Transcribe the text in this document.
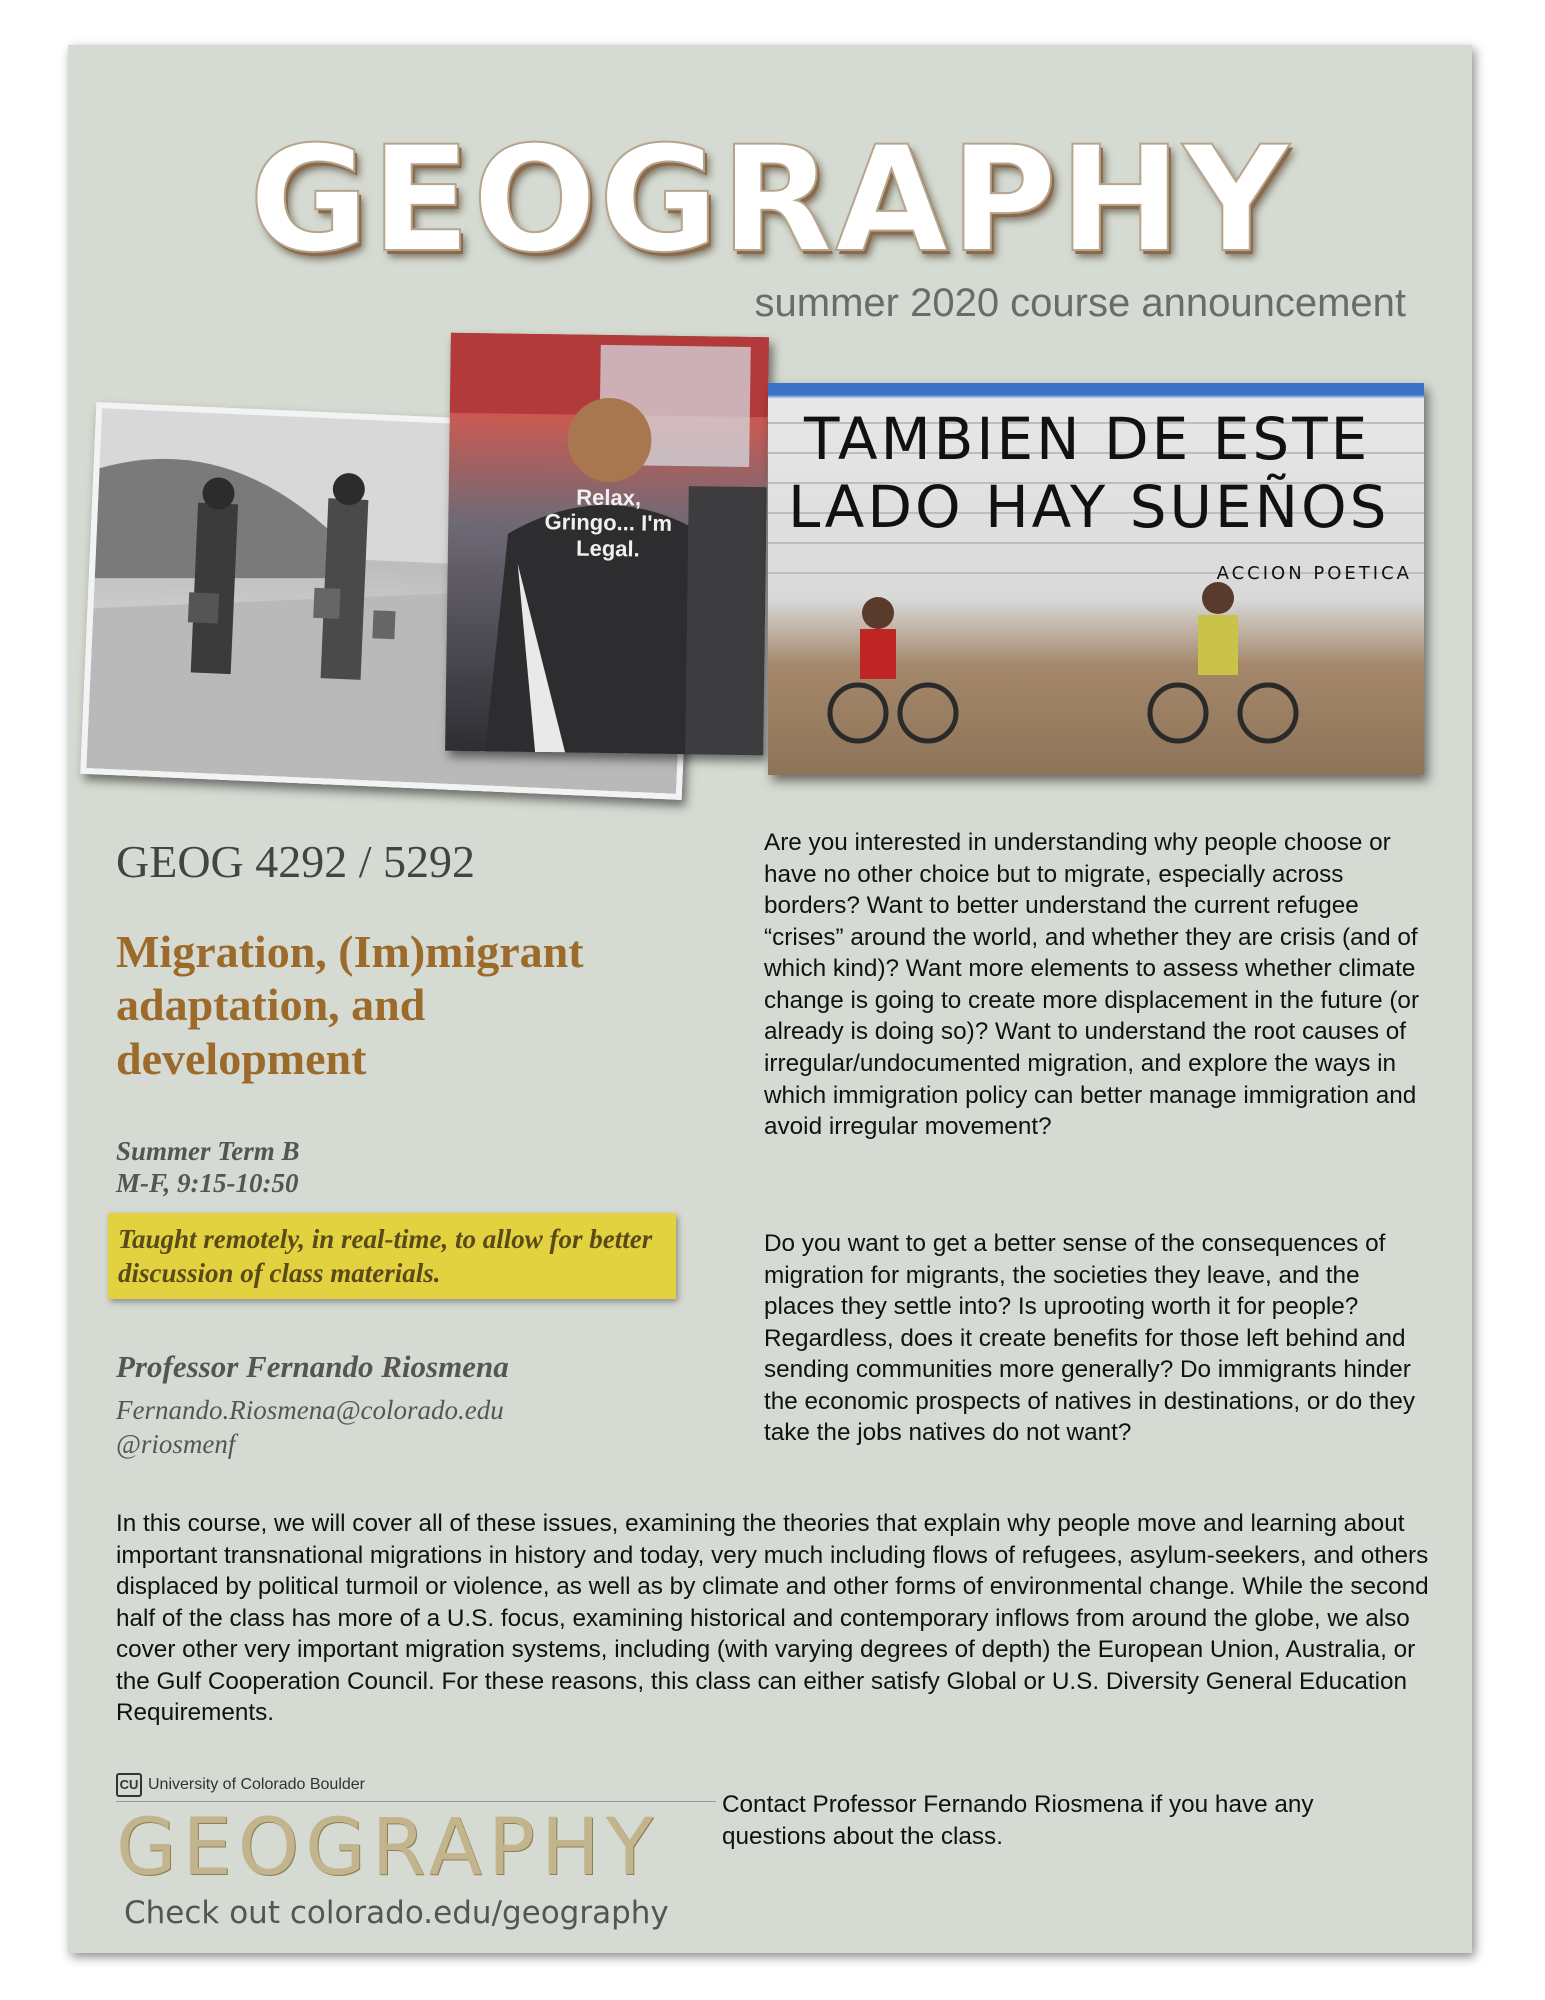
GEOGRAPHY
summer 2020 course announcement
Relax, Gringo... I'm Legal.
TAMBIEN DE ESTE
LADO HAY SUEÑOS
ACCION POETICA
GEOG 4292 / 5292
Migration, (Im)migrant adaptation, and development
Summer Term B
M-F, 9:15-10:50
Taught remotely, in real-time, to allow for better discussion of class materials.
Professor Fernando Riosmena
Fernando.Riosmena@colorado.edu
@riosmenf

Are you interested in understanding why people choose or have no other choice but to migrate, especially across borders? Want to better understand the current refugee “crises” around the world, and whether they are crisis (and of which kind)? Want more elements to assess whether climate change is going to create more displacement in the future (or already is doing so)? Want to understand the root causes of irregular/undocumented migration, and explore the ways in which immigration policy can better manage immigration and avoid irregular movement?

Do you want to get a better sense of the consequences of migration for migrants, the societies they leave, and the places they settle into? Is uprooting worth it for people? Regardless, does it create benefits for those left behind and sending communities more generally? Do immigrants hinder the economic prospects of natives in destinations, or do they take the jobs natives do not want?

In this course, we will cover all of these issues, examining the theories that explain why people move and learning about important transnational migrations in history and today, very much including flows of refugees, asylum-seekers, and others displaced by political turmoil or violence, as well as by climate and other forms of environmental change. While the second half of the class has more of a U.S. focus, examining historical and contemporary inflows from around the globe, we also cover other very important migration systems, including (with varying degrees of depth) the European Union, Australia, or the Gulf Cooperation Council. For these reasons, this class can either satisfy Global or U.S. Diversity General Education Requirements.

CU University of Colorado Boulder
GEOGRAPHY
Check out colorado.edu/geography

Contact Professor Fernando Riosmena if you have any questions about the class.
